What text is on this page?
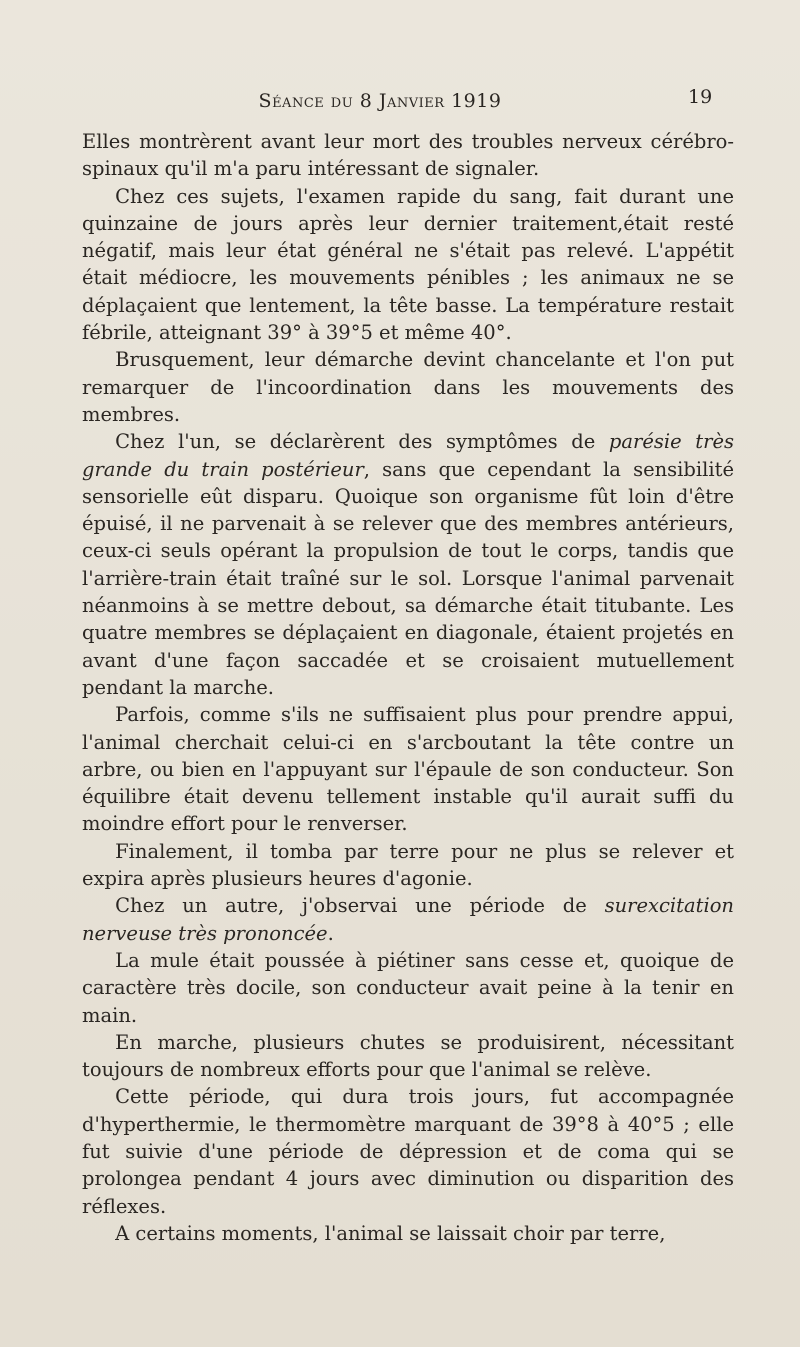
Séance du 8 Janvier 1919	19

Elles montrèrent avant leur mort des troubles nerveux cérébro-spinaux qu'il m'a paru intéressant de signaler.

Chez ces sujets, l'examen rapide du sang, fait durant une quinzaine de jours après leur dernier traitement,était resté négatif, mais leur état général ne s'était pas relevé. L'appétit était médiocre, les mouvements pénibles ; les animaux ne se déplaçaient que lentement, la tête basse. La température restait fébrile, atteignant 39° à 39°5 et même 40°.

Brusquement, leur démarche devint chancelante et l'on put remarquer de l'incoordination dans les mouvements des membres.

Chez l'un, se déclarèrent des symptômes de parésie très grande du train postérieur, sans que cependant la sensibilité sensorielle eût disparu. Quoique son organisme fût loin d'être épuisé, il ne parvenait à se relever que des membres antérieurs, ceux-ci seuls opérant la propulsion de tout le corps, tandis que l'arrière-train était traîné sur le sol. Lorsque l'animal parvenait néanmoins à se mettre debout, sa démarche était titubante. Les quatre membres se déplaçaient en diagonale, étaient projetés en avant d'une façon saccadée et se croisaient mutuellement pendant la marche.

Parfois, comme s'ils ne suffisaient plus pour prendre appui, l'animal cherchait celui-ci en s'arcboutant la tête contre un arbre, ou bien en l'appuyant sur l'épaule de son conducteur. Son équilibre était devenu tellement instable qu'il aurait suffi du moindre effort pour le renverser.

Finalement, il tomba par terre pour ne plus se relever et expira après plusieurs heures d'agonie.

Chez un autre, j'observai une période de surexcitation nerveuse très prononcée.

La mule était poussée à piétiner sans cesse et, quoique de caractère très docile, son conducteur avait peine à la tenir en main.

En marche, plusieurs chutes se produisirent, nécessitant toujours de nombreux efforts pour que l'animal se relève.

Cette période, qui dura trois jours, fut accompagnée d'hyperthermie, le thermomètre marquant de 39°8 à 40°5 ; elle fut suivie d'une période de dépression et de coma qui se prolongea pendant 4 jours avec diminution ou disparition des réflexes.

A certains moments, l'animal se laissait choir par terre,
